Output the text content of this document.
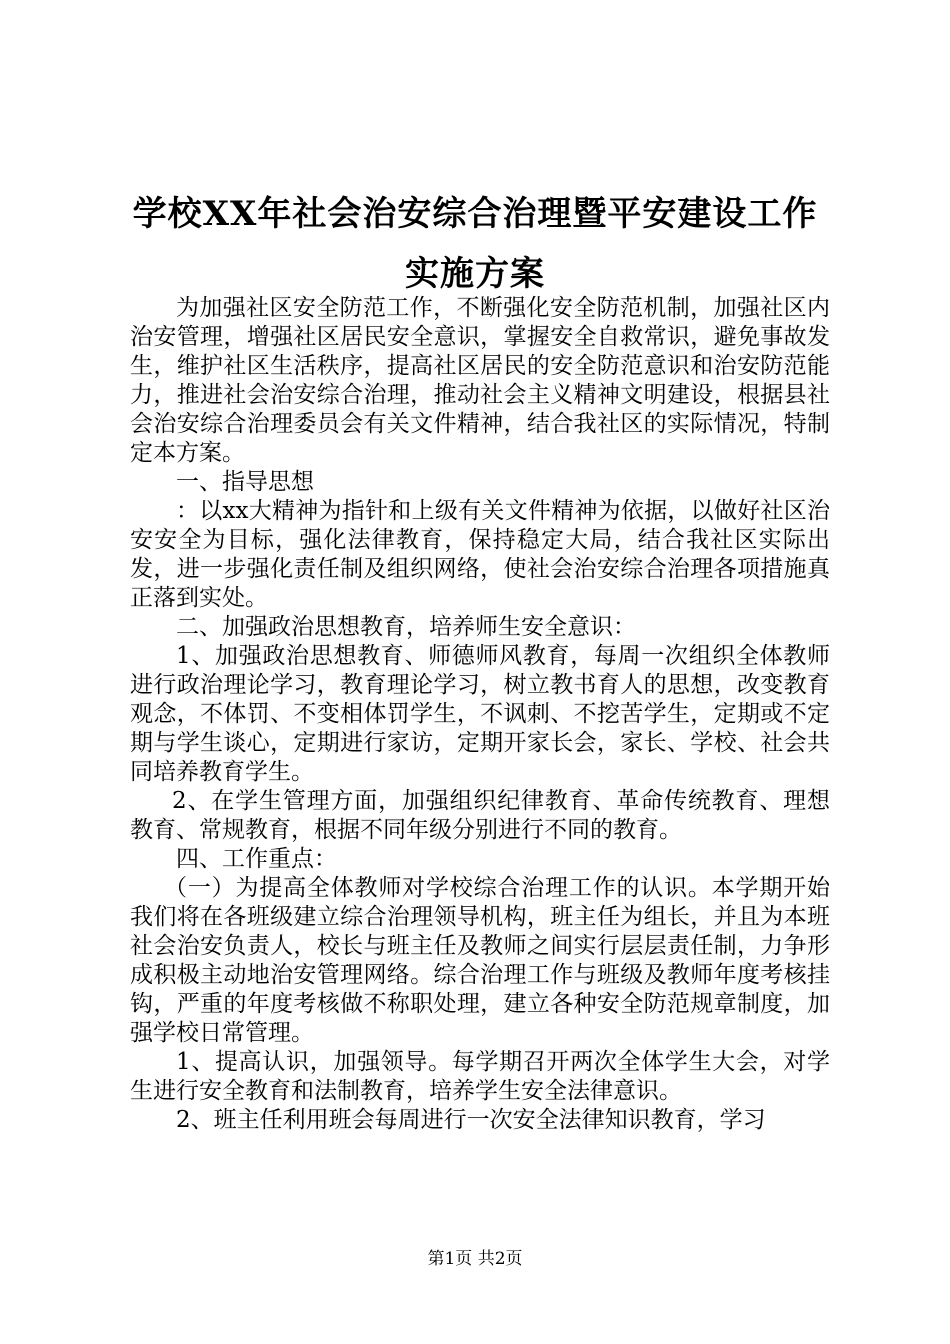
学校XX年社会治安综合治理暨平安建设工作
实施方案

为加强社区安全防范工作，不断强化安全防范机制，加强社区内治安管理，增强社区居民安全意识，掌握安全自救常识，避免事故发生，维护社区生活秩序，提高社区居民的安全防范意识和治安防范能力，推进社会治安综合治理，推动社会主义精神文明建设，根据县社会治安综合治理委员会有关文件精神，结合我社区的实际情况，特制定本方案。

一、指导思想

：以xx大精神为指针和上级有关文件精神为依据，以做好社区治安安全为目标，强化法律教育，保持稳定大局，结合我社区实际出发，进一步强化责任制及组织网络，使社会治安综合治理各项措施真正落到实处。

二、加强政治思想教育，培养师生安全意识：

1、加强政治思想教育、师德师风教育，每周一次组织全体教师进行政治理论学习，教育理论学习，树立教书育人的思想，改变教育观念，不体罚、不变相体罚学生，不讽刺、不挖苦学生，定期或不定期与学生谈心，定期进行家访，定期开家长会，家长、学校、社会共同培养教育学生。

2、在学生管理方面，加强组织纪律教育、革命传统教育、理想教育、常规教育，根据不同年级分别进行不同的教育。

四、工作重点：

（一）为提高全体教师对学校综合治理工作的认识。本学期开始我们将在各班级建立综合治理领导机构，班主任为组长，并且为本班社会治安负责人，校长与班主任及教师之间实行层层责任制，力争形成积极主动地治安管理网络。综合治理工作与班级及教师年度考核挂钩，严重的年度考核做不称职处理，建立各种安全防范规章制度，加强学校日常管理。

1、提高认识，加强领导。每学期召开两次全体学生大会，对学生进行安全教育和法制教育，培养学生安全法律意识。

2、班主任利用班会每周进行一次安全法律知识教育，学习

第1页 共2页
